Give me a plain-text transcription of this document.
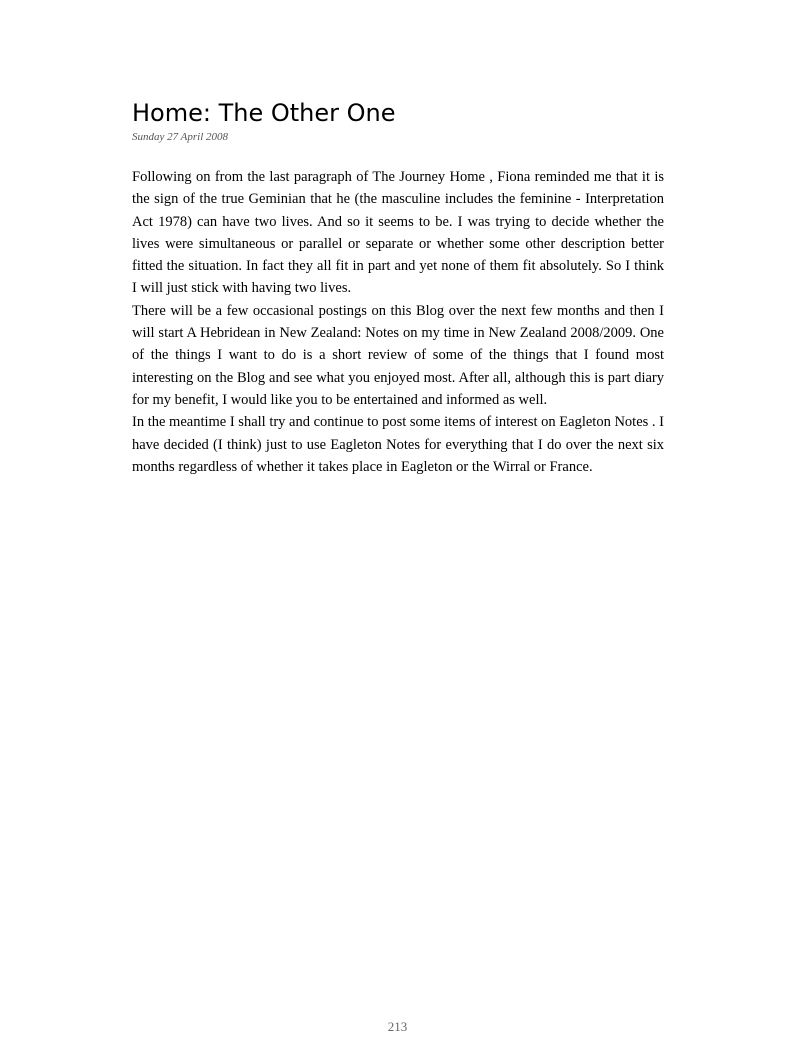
Home: The Other One
Sunday 27 April 2008

Following on from the last paragraph of The Journey Home , Fiona reminded me that it is the sign of the true Geminian that he (the masculine includes the feminine - Interpretation Act 1978) can have two lives. And so it seems to be. I was trying to decide whether the lives were simultaneous or parallel or separate or whether some other description better fitted the situation. In fact they all fit in part and yet none of them fit absolutely. So I think I will just stick with having two lives.

There will be a few occasional postings on this Blog over the next few months and then I will start A Hebridean in New Zealand: Notes on my time in New Zealand 2008/2009. One of the things I want to do is a short review of some of the things that I found most interesting on the Blog and see what you enjoyed most. After all, although this is part diary for my benefit, I would like you to be entertained and informed as well.

In the meantime I shall try and continue to post some items of interest on Eagleton Notes . I have decided (I think) just to use Eagleton Notes for everything that I do over the next six months regardless of whether it takes place in Eagleton or the Wirral or France.

213
